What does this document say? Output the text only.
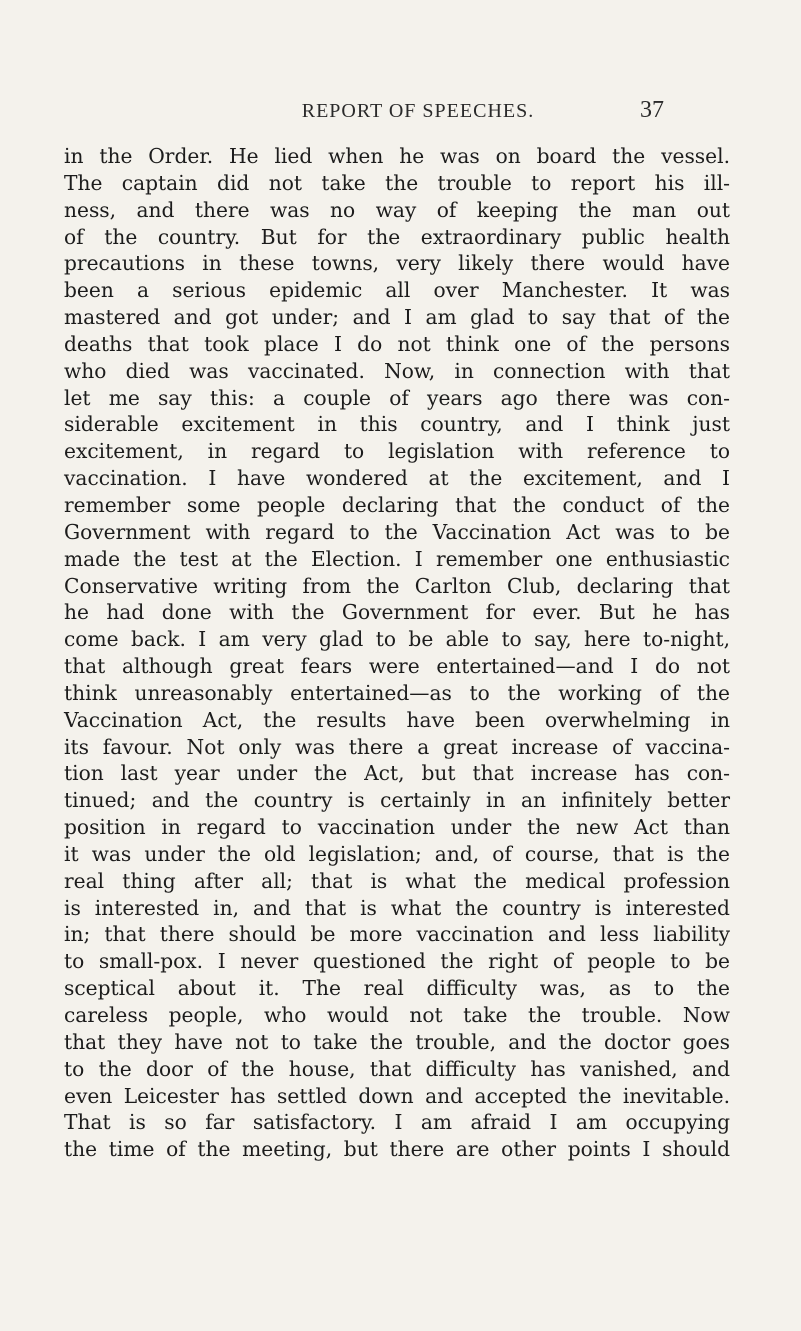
REPORT OF SPEECHES.	37
in the Order. He lied when he was on board the vessel.
The captain did not take the trouble to report his ill-
ness, and there was no way of keeping the man out
of the country. But for the extraordinary public health
precautions in these towns, very likely there would have
been a serious epidemic all over Manchester. It was
mastered and got under; and I am glad to say that of the
deaths that took place I do not think one of the persons
who died was vaccinated. Now, in connection with that
let me say this: a couple of years ago there was con-
siderable excitement in this country, and I think just
excitement, in regard to legislation with reference to
vaccination. I have wondered at the excitement, and I
remember some people declaring that the conduct of the
Government with regard to the Vaccination Act was to be
made the test at the Election. I remember one enthusiastic
Conservative writing from the Carlton Club, declaring that
he had done with the Government for ever. But he has
come back. I am very glad to be able to say, here to-night,
that although great fears were entertained—and I do not
think unreasonably entertained—as to the working of the
Vaccination Act, the results have been overwhelming in
its favour. Not only was there a great increase of vaccina-
tion last year under the Act, but that increase has con-
tinued; and the country is certainly in an infinitely better
position in regard to vaccination under the new Act than
it was under the old legislation; and, of course, that is the
real thing after all; that is what the medical profession
is interested in, and that is what the country is interested
in; that there should be more vaccination and less liability
to small-pox. I never questioned the right of people to be
sceptical about it. The real difficulty was, as to the
careless people, who would not take the trouble. Now
that they have not to take the trouble, and the doctor goes
to the door of the house, that difficulty has vanished, and
even Leicester has settled down and accepted the inevitable.
That is so far satisfactory. I am afraid I am occupying
the time of the meeting, but there are other points I should
